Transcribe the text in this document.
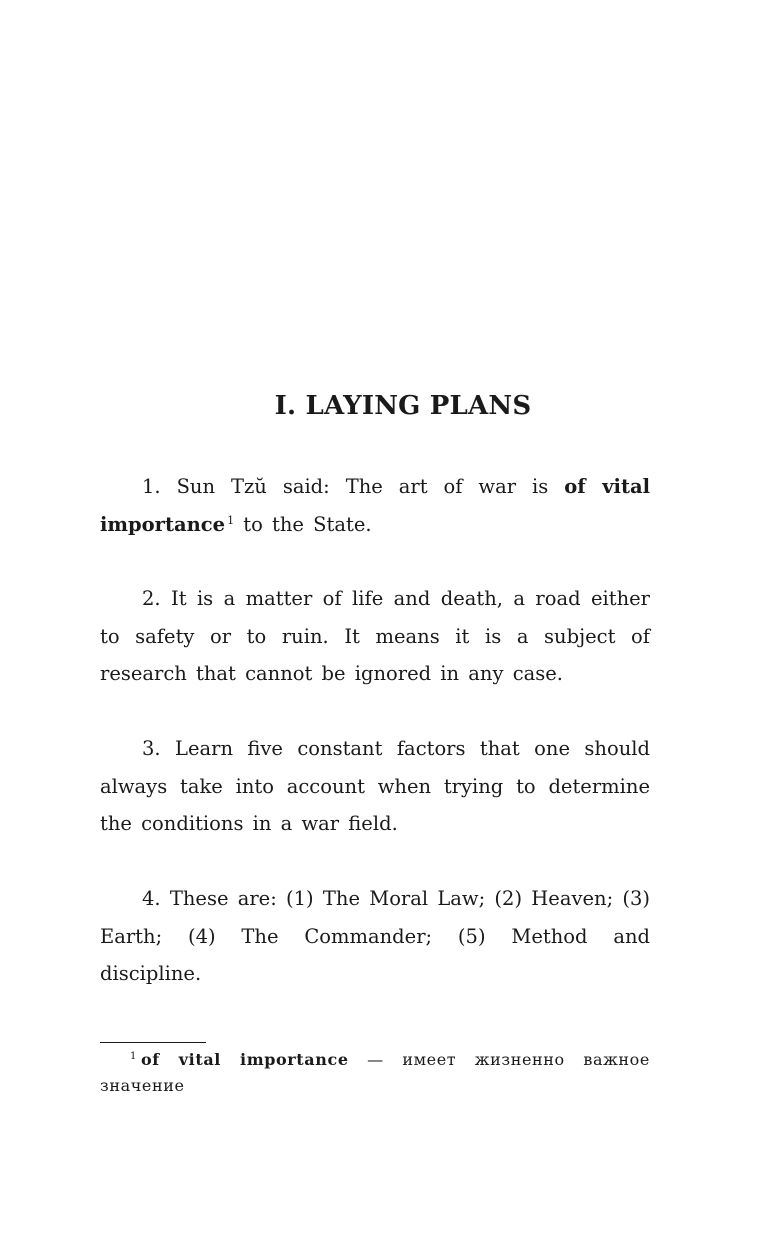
I. LAYING PLANS

1. Sun Tzŭ said: The art of war is of vital importance $^1$ to the State.

2. It is a matter of life and death, a road either to safety or to ruin. It means it is a subject of research that cannot be ignored in any case.

3. Learn five constant factors that one should always take into account when trying to determine the conditions in a war field.

4. These are: (1) The Moral Law; (2) Heaven; (3) Earth; (4) The Commander; (5) Method and discipline.

$^1$ of vital importance — имеет жизненно важное значение
